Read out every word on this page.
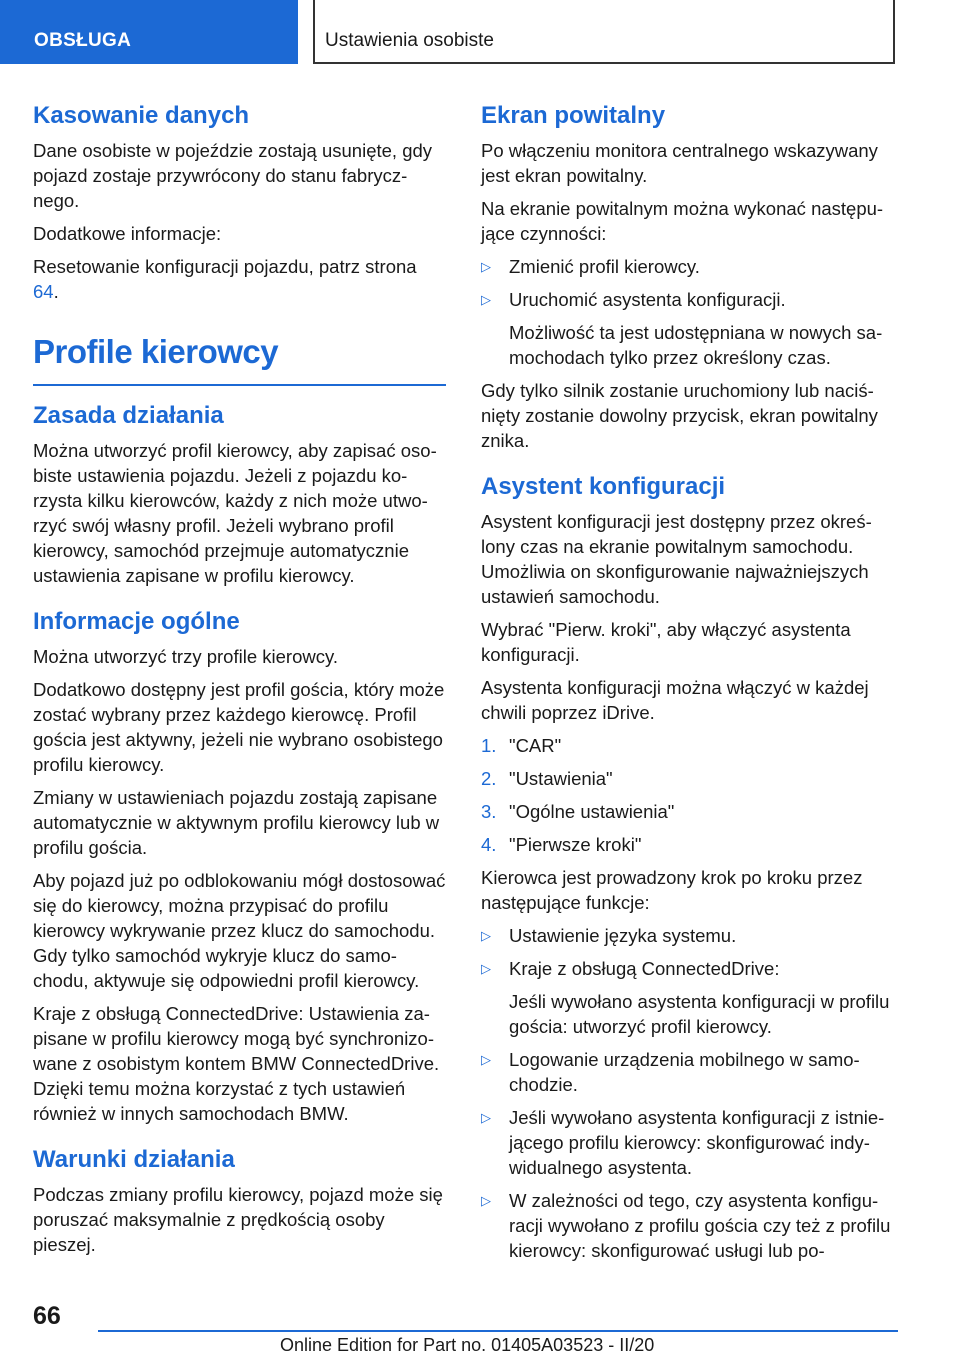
OBSŁUGA	Ustawienia osobiste
Kasowanie danych

Dane osobiste w pojeździe zostają usunięte, gdy pojazd zostaje przywrócony do stanu fabrycznego.

Dodatkowe informacje:

Resetowanie konfiguracji pojazdu, patrz strona 64.

Profile kierowcy
Zasada działania

Można utworzyć profil kierowcy, aby zapisać osobiste ustawienia pojazdu. Jeżeli z pojazdu korzysta kilku kierowców, każdy z nich może utworzyć swój własny profil. Jeżeli wybrano profil kierowcy, samochód przejmuje automatycznie ustawienia zapisane w profilu kierowcy.

Informacje ogólne

Można utworzyć trzy profile kierowcy.

Dodatkowo dostępny jest profil gościa, który może zostać wybrany przez każdego kierowcę. Profil gościa jest aktywny, jeżeli nie wybrano osobistego profilu kierowcy.

Zmiany w ustawieniach pojazdu zostają zapisane automatycznie w aktywnym profilu kierowcy lub w profilu gościa.

Aby pojazd już po odblokowaniu mógł dostosować się do kierowcy, można przypisać do profilu kierowcy wykrywanie przez klucz do samochodu. Gdy tylko samochód wykryje klucz do samochodu, aktywuje się odpowiedni profil kierowcy.

Kraje z obsługą ConnectedDrive: Ustawienia zapisane w profilu kierowcy mogą być synchronizowane z osobistym kontem BMW ConnectedDrive. Dzięki temu można korzystać z tych ustawień również w innych samochodach BMW.

Warunki działania

Podczas zmiany profilu kierowcy, pojazd może się poruszać maksymalnie z prędkością osoby pieszej.

Ekran powitalny

Po włączeniu monitora centralnego wskazywany jest ekran powitalny.

Na ekranie powitalnym można wykonać następujące czynności:

▷ Zmienić profil kierowcy.
▷ Uruchomić asystenta konfiguracji.
Możliwość ta jest udostępniana w nowych samochodach tylko przez określony czas.

Gdy tylko silnik zostanie uruchomiony lub naciśnięty zostanie dowolny przycisk, ekran powitalny znika.

Asystent konfiguracji

Asystent konfiguracji jest dostępny przez określony czas na ekranie powitalnym samochodu. Umożliwia on skonfigurowanie najważniejszych ustawień samochodu.

Wybrać "Pierw. kroki", aby włączyć asystenta konfiguracji.

Asystenta konfiguracji można włączyć w każdej chwili poprzez iDrive.

1. "CAR"
2. "Ustawienia"
3. "Ogólne ustawienia"
4. "Pierwsze kroki"

Kierowca jest prowadzony krok po kroku przez następujące funkcje:

▷ Ustawienie języka systemu.
▷ Kraje z obsługą ConnectedDrive:
Jeśli wywołano asystenta konfiguracji w profilu gościa: utworzyć profil kierowcy.
▷ Logowanie urządzenia mobilnego w samochodzie.
▷ Jeśli wywołano asystenta konfiguracji z istniejącego profilu kierowcy: skonfigurować indywidualnego asystenta.
▷ W zależności od tego, czy asystenta konfiguracji wywołano z profilu gościa czy też z profilu kierowcy: skonfigurować usługi lub po-
66
Online Edition for Part no. 01405A03523 - II/20
